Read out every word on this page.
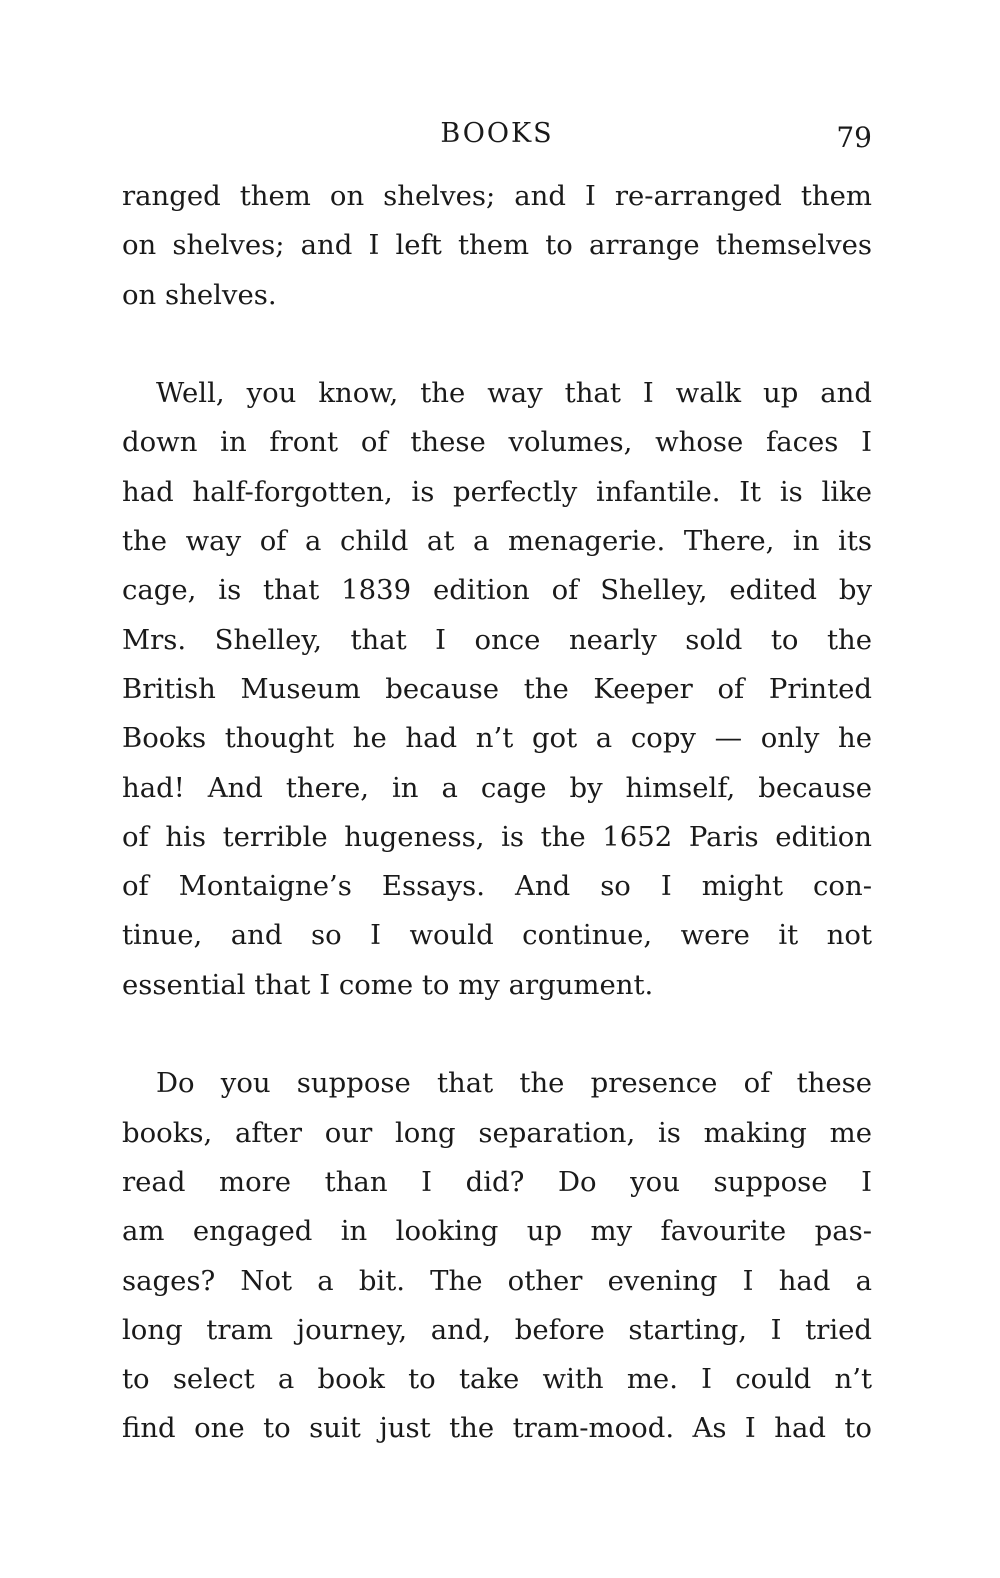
BOOKS	79
ranged them on shelves; and I re-arranged them
on shelves; and I left them to arrange themselves
on shelves.
Well, you know, the way that I walk up and
down in front of these volumes, whose faces I
had half-forgotten, is perfectly infantile. It is like
the way of a child at a menagerie. There, in its
cage, is that 1839 edition of Shelley, edited by
Mrs. Shelley, that I once nearly sold to the
British Museum because the Keeper of Printed
Books thought he had n’t got a copy — only he
had! And there, in a cage by himself, because
of his terrible hugeness, is the 1652 Paris edition
of Montaigne’s Essays. And so I might con-
tinue, and so I would continue, were it not
essential that I come to my argument.
Do you suppose that the presence of these
books, after our long separation, is making me
read more than I did? Do you suppose I
am engaged in looking up my favourite pas-
sages? Not a bit. The other evening I had a
long tram journey, and, before starting, I tried
to select a book to take with me. I could n’t
find one to suit just the tram-mood. As I had to
